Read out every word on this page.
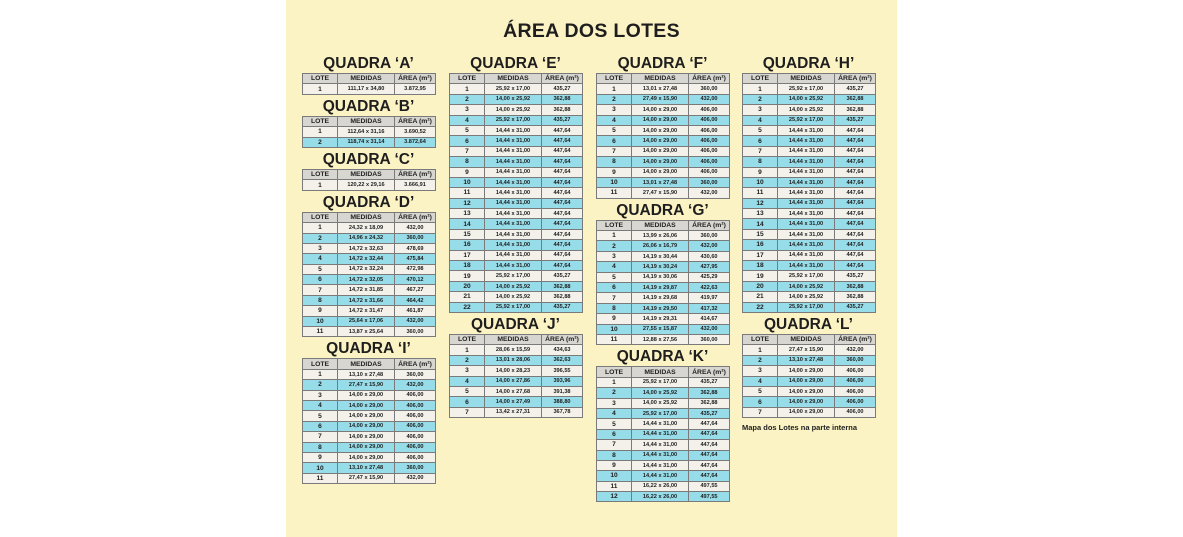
ÁREA DOS LOTES
QUADRA ‘A’
LOTE	MEDIDAS	ÁREA (m²)
1	111,17 x 34,80	3.872,95
QUADRA ‘B’
LOTE	MEDIDAS	ÁREA (m²)
1	112,64 x 31,16	3.690,52
2	118,74 x 31,14	3.872,64
QUADRA ‘C’
LOTE	MEDIDAS	ÁREA (m²)
1	120,22 x 29,16	3.666,91
QUADRA ‘D’
LOTE	MEDIDAS	ÁREA (m²)
1	24,32 x 18,09	432,00
2	14,96 x 24,32	360,00
3	14,72 x 32,63	478,69
4	14,72 x 32,44	475,84
5	14,72 x 32,24	472,98
6	14,72 x 32,05	470,12
7	14,72 x 31,85	467,27
8	14,72 x 31,66	464,42
9	14,72 x 31,47	461,87
10	25,64 x 17,06	432,00
11	13,87 x 25,64	360,00
QUADRA ‘I’
LOTE	MEDIDAS	ÁREA (m²)
1	13,10 x 27,48	360,00
2	27,47 x 15,90	432,00
3	14,00 x 29,00	406,00
4	14,00 x 29,00	406,00
5	14,00 x 29,00	406,00
6	14,00 x 29,00	406,00
7	14,00 x 29,00	406,00
8	14,00 x 29,00	406,00
9	14,00 x 29,00	406,00
10	13,10 x 27,48	360,00
11	27,47 x 15,90	432,00
QUADRA ‘E’
LOTE	MEDIDAS	ÁREA (m²)
1	25,92 x 17,00	435,27
2	14,00 x 25,92	362,88
3	14,00 x 25,92	362,88
4	25,92 x 17,00	435,27
5	14,44 x 31,00	447,64
6	14,44 x 31,00	447,64
7	14,44 x 31,00	447,64
8	14,44 x 31,00	447,64
9	14,44 x 31,00	447,64
10	14,44 x 31,00	447,64
11	14,44 x 31,00	447,64
12	14,44 x 31,00	447,64
13	14,44 x 31,00	447,64
14	14,44 x 31,00	447,64
15	14,44 x 31,00	447,64
16	14,44 x 31,00	447,64
17	14,44 x 31,00	447,64
18	14,44 x 31,00	447,64
19	25,92 x 17,00	435,27
20	14,00 x 25,92	362,88
21	14,00 x 25,92	362,88
22	25,92 x 17,00	435,27
QUADRA ‘J’
LOTE	MEDIDAS	ÁREA (m²)
1	28,06 x 15,59	434,63
2	13,01 x 28,06	362,63
3	14,00 x 28,23	396,55
4	14,00 x 27,86	393,96
5	14,00 x 27,68	391,38
6	14,00 x 27,49	388,80
7	13,42 x 27,31	367,78
QUADRA ‘F’
LOTE	MEDIDAS	ÁREA (m²)
1	13,01 x 27,48	360,00
2	27,49 x 15,90	432,00
3	14,00 x 29,00	406,00
4	14,00 x 29,00	406,00
5	14,00 x 29,00	406,00
6	14,00 x 29,00	406,00
7	14,00 x 29,00	406,00
8	14,00 x 29,00	406,00
9	14,00 x 29,00	406,00
10	13,01 x 27,48	360,00
11	27,47 x 15,90	432,00
QUADRA ‘G’
LOTE	MEDIDAS	ÁREA (m²)
1	13,99 x 26,06	360,00
2	26,06 x 16,79	432,00
3	14,19 x 30,44	430,60
4	14,19 x 30,24	427,95
5	14,19 x 30,06	425,29
6	14,19 x 29,87	422,63
7	14,19 x 29,68	419,97
8	14,19 x 29,50	417,32
9	14,19 x 29,31	414,67
10	27,55 x 15,87	432,00
11	12,88 x 27,56	360,00
QUADRA ‘K’
LOTE	MEDIDAS	ÁREA (m²)
1	25,92 x 17,00	435,27
2	14,00 x 25,92	362,88
3	14,00 x 25,92	362,88
4	25,92 x 17,00	435,27
5	14,44 x 31,00	447,64
6	14,44 x 31,00	447,64
7	14,44 x 31,00	447,64
8	14,44 x 31,00	447,64
9	14,44 x 31,00	447,64
10	14,44 x 31,00	447,64
11	16,22 x 26,00	497,55
12	16,22 x 26,00	497,55
QUADRA ‘H’
LOTE	MEDIDAS	ÁREA (m²)
1	25,92 x 17,00	435,27
2	14,00 x 25,92	362,88
3	14,00 x 25,92	362,88
4	25,92 x 17,00	435,27
5	14,44 x 31,00	447,64
6	14,44 x 31,00	447,64
7	14,44 x 31,00	447,64
8	14,44 x 31,00	447,64
9	14,44 x 31,00	447,64
10	14,44 x 31,00	447,64
11	14,44 x 31,00	447,64
12	14,44 x 31,00	447,64
13	14,44 x 31,00	447,64
14	14,44 x 31,00	447,64
15	14,44 x 31,00	447,64
16	14,44 x 31,00	447,64
17	14,44 x 31,00	447,64
18	14,44 x 31,00	447,64
19	25,92 x 17,00	435,27
20	14,00 x 25,92	362,88
21	14,00 x 25,92	362,88
22	25,92 x 17,00	435,27
QUADRA ‘L’
LOTE	MEDIDAS	ÁREA (m²)
1	27,47 x 15,90	432,00
2	13,10 x 27,48	360,00
3	14,00 x 29,00	406,00
4	14,00 x 29,00	406,00
5	14,00 x 29,00	406,00
6	14,00 x 29,00	406,00
7	14,00 x 29,00	406,00
Mapa dos Lotes na parte interna
